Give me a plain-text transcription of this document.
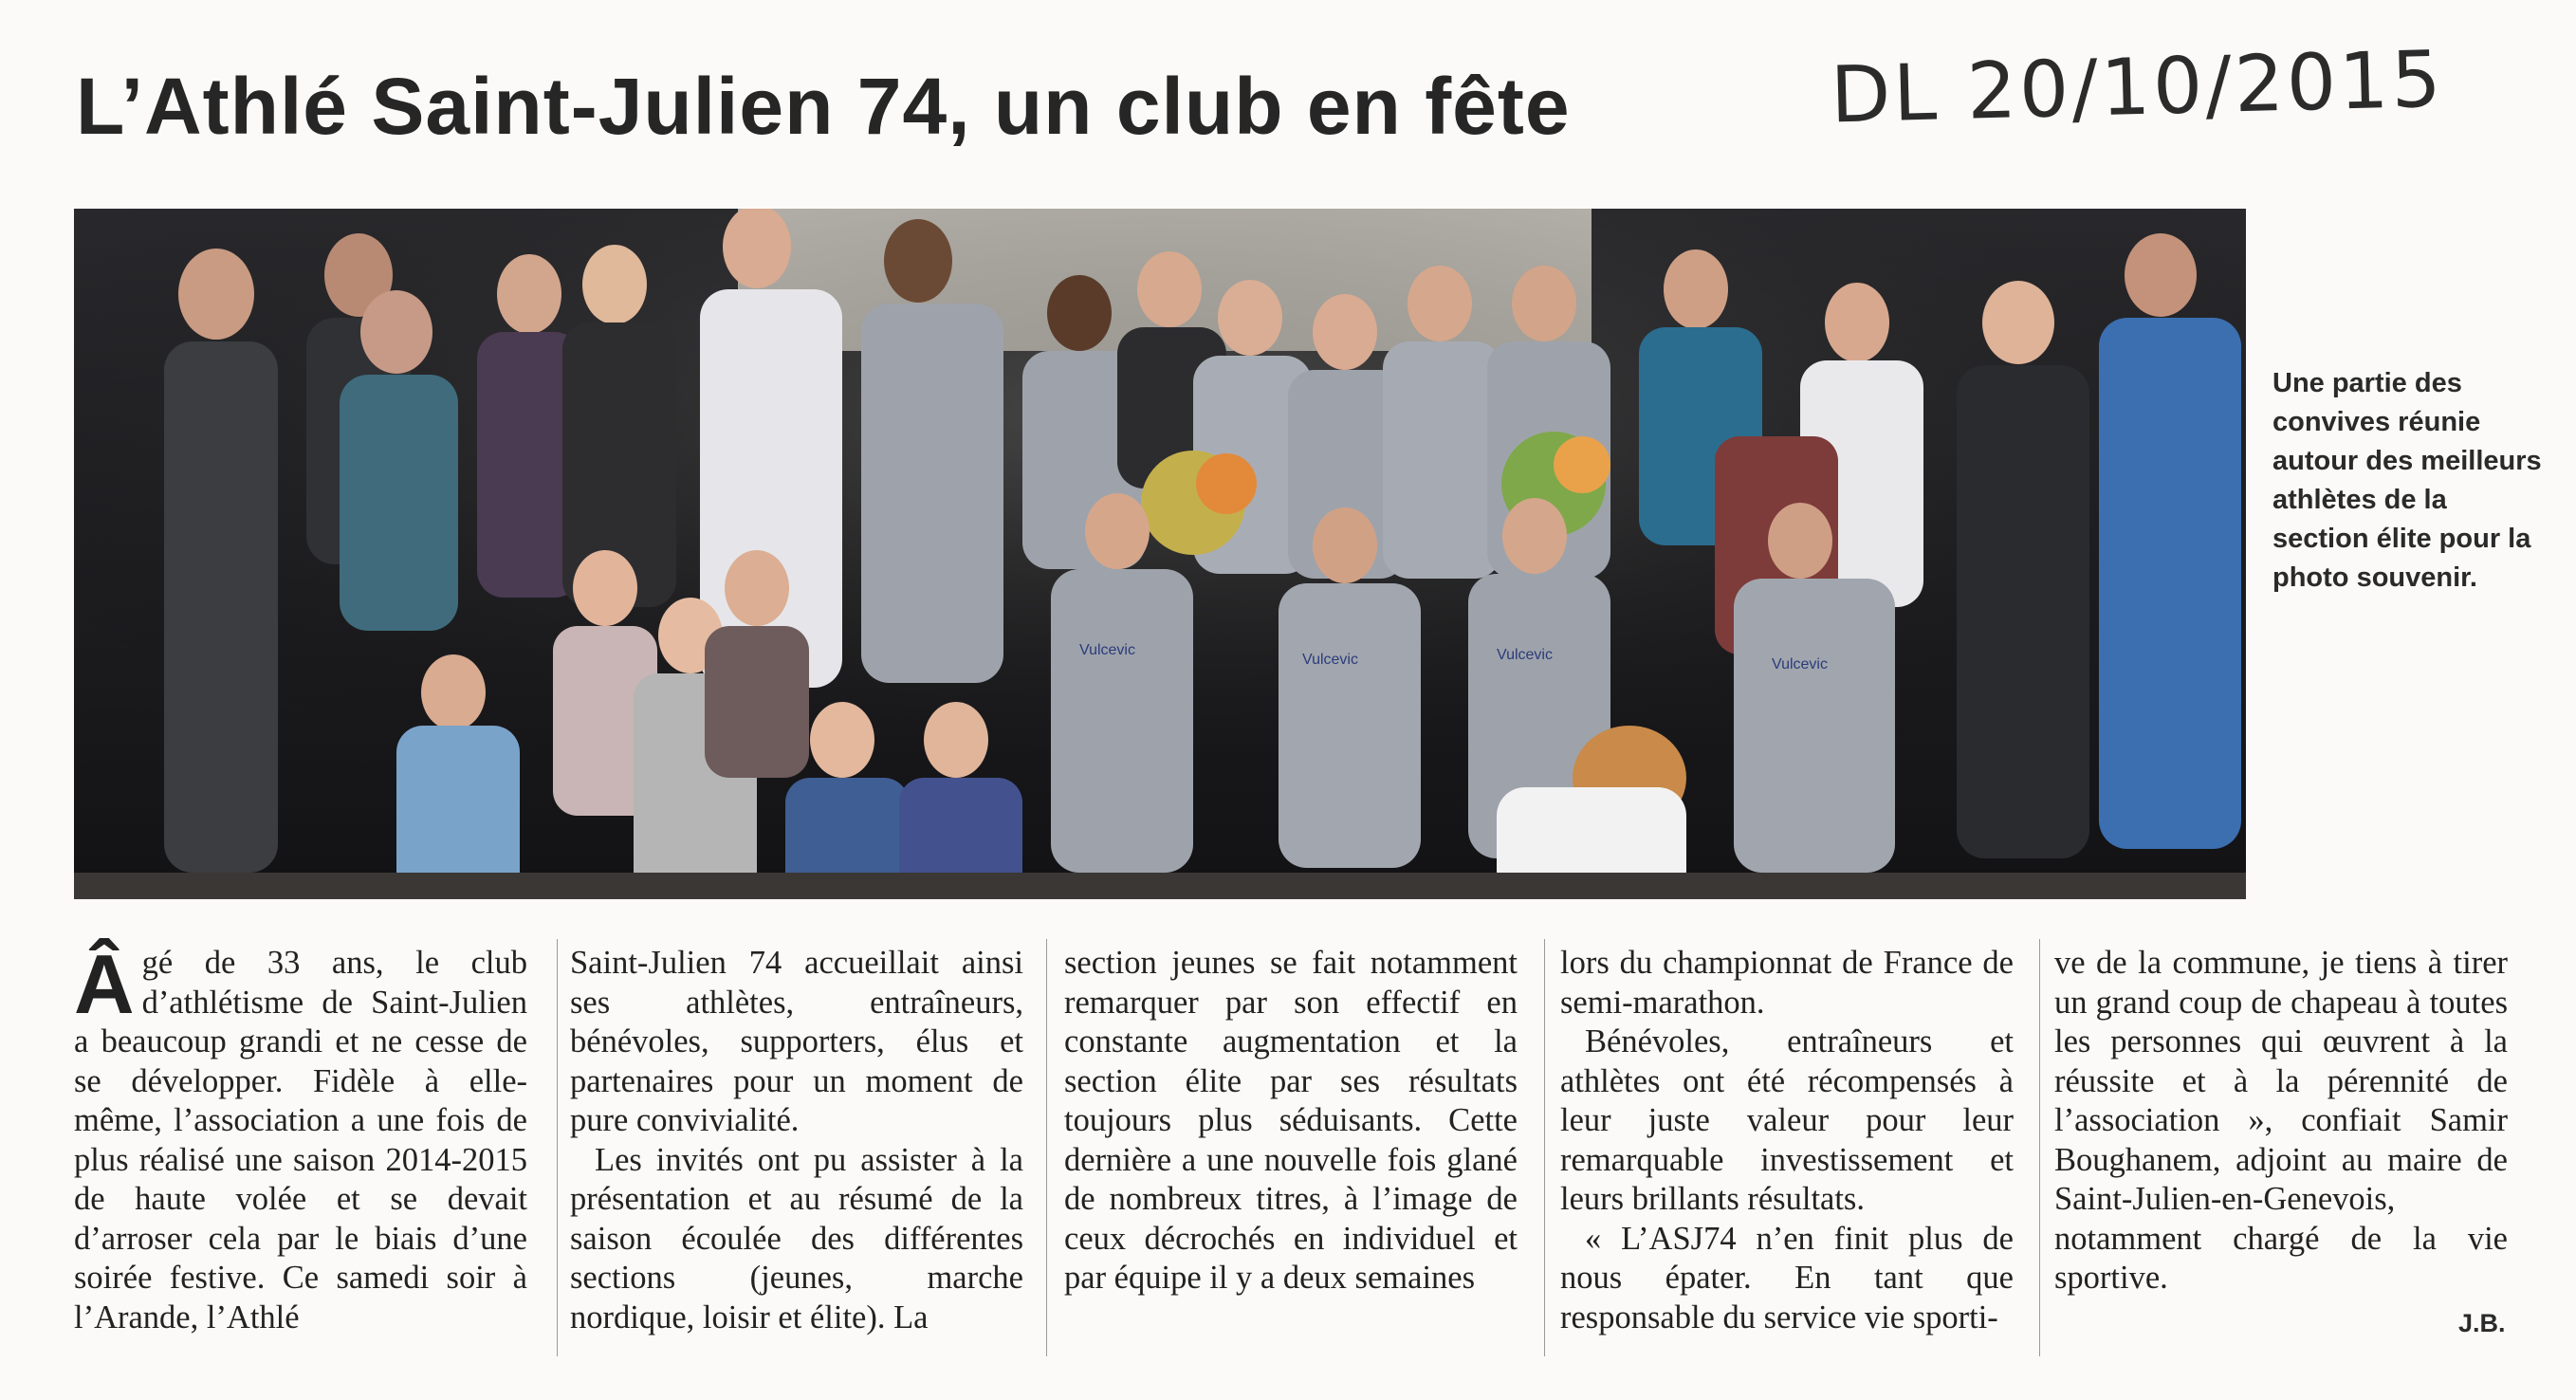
L’Athlé Saint-Julien 74, un club en fête	DL 20/10/2015
Vulcevic
Vulcevic	Vulcevic
Vulcevic

Une partie des convives réunie autour des meilleurs athlètes de la section élite pour la photo souvenir.

Â gé de 33 ans, le club d’athlétisme de Saint-Julien a beaucoup grandi et ne cesse de se développer. Fidèle à elle-même, l’association a une fois de plus réalisé une saison 2014-2015 de haute volée et se devait d’arroser cela par le biais d’une soirée festive. Ce samedi soir à l’Arande, l’Athlé

Saint-Julien 74 accueillait ainsi ses athlètes, entraîneurs, bénévoles, supporters, élus et partenaires pour un moment de pure convivialité.

Les invités ont pu assister à la présentation et au résumé de la saison écoulée des différentes sections (jeunes, marche nordique, loisir et élite). La

section jeunes se fait notamment remarquer par son effectif en constante augmentation et la section élite par ses résultats toujours plus séduisants. Cette dernière a une nouvelle fois glané de nombreux titres, à l’image de ceux décrochés en individuel et par équipe il y a deux semaines

lors du championnat de France de semi-marathon.

Bénévoles, entraîneurs et athlètes ont été récompensés à leur juste valeur pour leur remarquable investissement et leurs brillants résultats.

« L’ASJ74 n’en finit plus de nous épater. En tant que responsable du service vie sporti-

ve de la commune, je tiens à tirer un grand coup de chapeau à toutes les personnes qui œuvrent à la réussite et à la pérennité de l’association », confiait Samir Boughanem, adjoint au maire de Saint-Julien-en-Genevois, notamment chargé de la vie sportive.

J.B.
